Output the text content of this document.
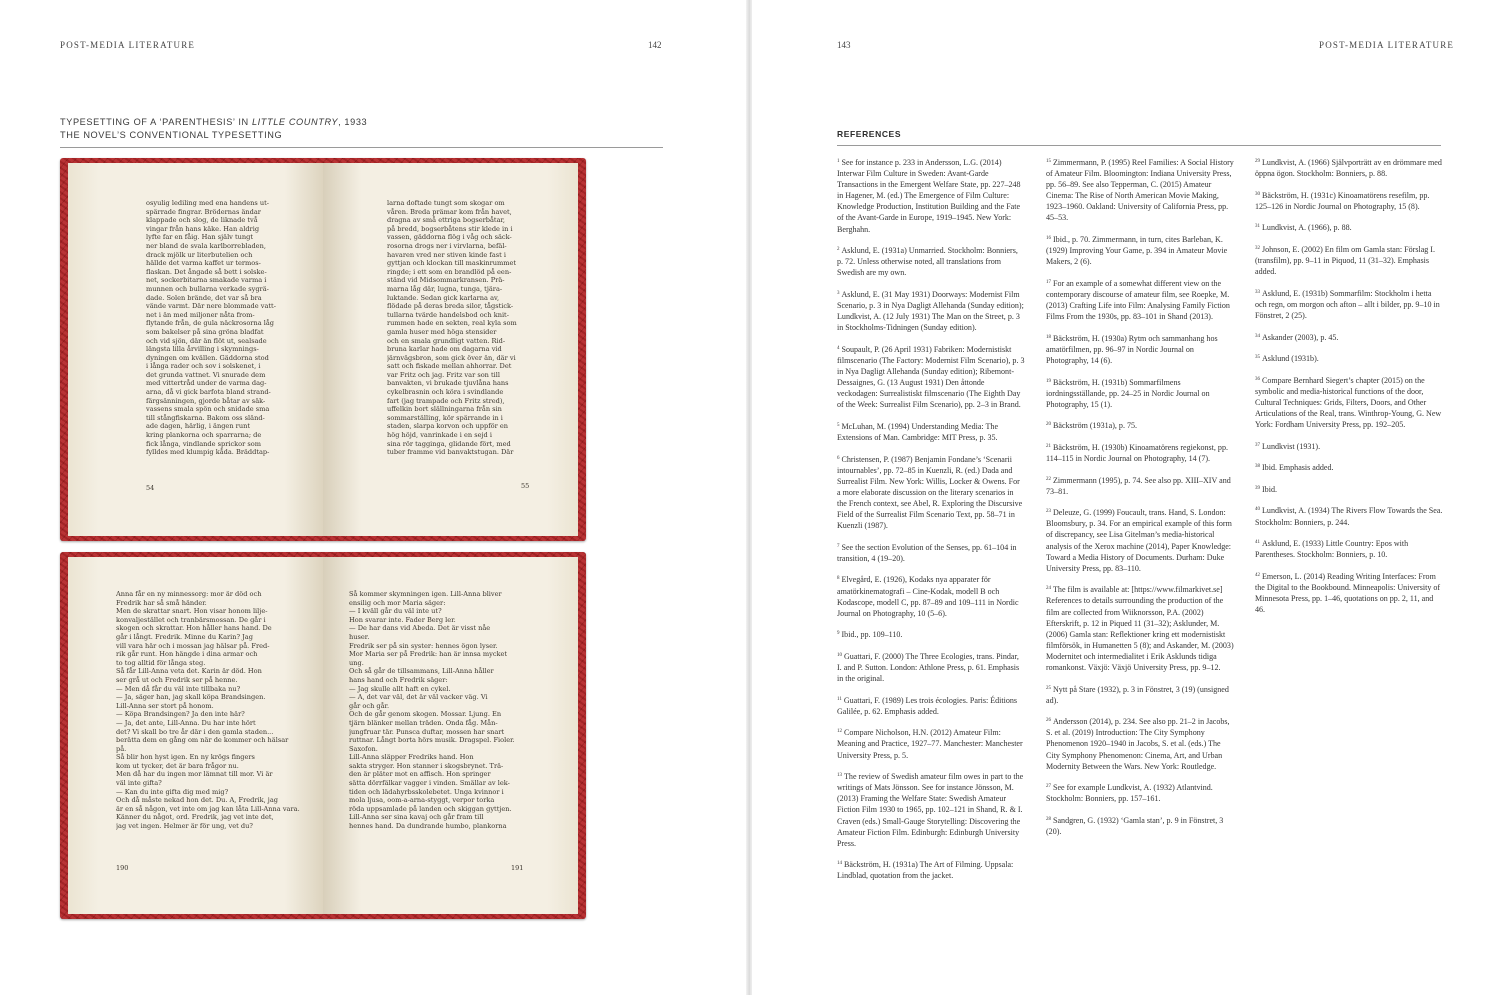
POST-MEDIA LITERATURE	142
TYPESETTING OF A ‘PARENTHESIS’ IN LITTLE COUNTRY, 1933
THE NOVEL’S CONVENTIONAL TYPESETTING
osyulig lediling med ena handens ut-
spärrade fingrar. Brödernas ändar
klappade och slog, de liknade två
vingar från hans käke. Han aldrig
lyfte far en fåig. Han själv tungt
ner bland de svala karlborrebladen,
drack mjölk ur literbutelien och
hällde det varma kaffet ur termos-
flaskan. Det ångade så bett i solske-
net, sockerbitarna smakade varma i
munnen och bullarna verkade sygrä-
dade. Solen brände, det var så bra
vände varmt. Där nere blommade vatt-
net i än med miljoner nåta from-
flytande från, de gula näckrosorna låg
som bakelser på sina gröna bladfat
och vid sjön, där än flöt ut, sealsade
längsta lilla årvilling i skymnings-
dyningen om kvällen. Gäddorna stod
i långa rader och sov i solskenet, i
det grunda vattnet. Vi snurade dem
med vittertråd under de varma dag-
arna, då vi gick barfota bland strand-
färgsänningen, gjorde båtar av säk-
vassens smala spön och snidade sma
till stångfiskarna. Bakom oss sländ-
ade dagen, härlig, i ängen runt
kring plankorna och sparrarna; de
fick långa, vindlande sprickor som
fylldes med klumpig kåda. Bräddtap-
54
larna doftade tungt som skogar om
våren. Breda prämar kom från havet,
dragna av små ettriga bogserbåtar,
på bredd, bogserbåtens stir klede in i
vassen, gäddorna flög i våg och säck-
rosorna drogs ner i virvlarna, befäl-
havaren vred ner stiven kinde fast i
gyttjan och klockan till maskinrummet
ringde; i ett som en brandlöd på een-
ständ vid Midsommarkransen. Prä-
marna låg där, lugna, tunga, tjära-
luktande. Sedan gick karlarna av,
flödade på deras breda silor, tågstick-
tullarna tvärde handelsbod och knit-
rummen hade en sekten, real kyla som
gamla huser med höga stensider
och en smala grundligt vatten. Rid-
bruna karlar hade om dagarna vid
järnvägsbron, som gick över än, där vi
satt och fiskade mellan ahhorrar. Det
var Fritz och jag. Fritz var son till
banvakten, vi brukade tjuvlåna hans
cykelbrasnin och köra i svindlande
fart (jag trampade och Fritz stred),
uffelkin bort slällningarna från sin
sommarställing, kör spärrande in i
staden, slarpa korvon och uppför en
hög höjd, vanrinkade i en sejd i
sina rör tagginga, glidande fört, med
tuber framme vid banvaktstugan. Där
55
Anna får en ny minnessorg: mor är död och
Fredrik har så små händer.
Men de skrattar snart. Hon visar honom lilje-
konvaljestället och tranbärsmossan. De går i
skogen och skrattar. Hon håller hans hand. De
går i långt. Fredrik. Minne du Karin? Jag
vill vara här och i mossan jag hälsar på. Fred-
rik går runt. Hon hängde i dina armar och
to tog alltid för långa steg.
Så får Lill-Anna veta det. Karin är död. Hon
ser grå ut och Fredrik ser på henne.
— Men då får du väl inte tillbaka nu?
— Ja, säger han, jag skall köpa Brandsingen.
Lill-Anna ser stort på honom.
— Köpa Brandsingen? Ja den inte här?
— Ja, det ante, Lill-Anna. Du har inte hört
det? Vi skall bo tre år där i den gamla staden...
berätta dem en gång om när de kommer och hälsar
på.
Så blir hon hyst igen. En ny krögs fingers
kom ut tycker, det är bara frågor nu.
Men då har du ingen mor lämnat till mor. Vi är
väl inte gifta?
— Kan du inte gifta dig med mig?
Och då måste nekad hon det. Du. A, Fredrik, jag
är en så någon, vet inte om jag kan låta Lill-Anna vara.
Känner du något, ord. Fredrik, jag vet inte det,
jag vet ingen. Helmer är för ung, vet du?
190
Så kommer skymningen igen. Lill-Anna bliver
ensilig och mor Maria säger:
— I kväll går du väl inte ut?
Hon svarar inte. Fader Berg ler.
— De har dans vid Abeda. Det är visst nåe
huser.
Fredrik ser på sin syster: hennes ögon lyser.
Mor Maria ser på Fredrik: han är innsa mycket
ung.
Och så går de tillsammans, Lill-Anna håller
hans hand och Fredrik säger:
— Jag skulle allt haft en cykel.
— A, det var väl, det är väl vacker väg. Vi
går och går.
Och de går genom skogen. Mossar. Ljung. En
tjärn blänker mellan träden. Onda fåg. Mån-
jungfruar tär. Punsca duftar, mossen har snart
ruttnar. Långt borta hörs musik. Dragspel. Fioler.
Saxofon.
Lill-Anna släpper Fredriks hand. Hon
sakta stryger. Hon stanner i skogsbrynet. Trä-
den är pläter mot en affisch. Hon springer
sätta dörrfälkar vagger i vinden. Smällar av lek-
tiden och lädahyrbsskolebetet. Unga kvinnor i
mola ljusa, oom-a-arna-styggt, verpor torka
röda uppsamlade på landen och skiggan gyttjen.
Lill-Anna ser sina kavaj och går fram till
hennes hand. Da dundrande humbo, plankorna
191
143	POST-MEDIA LITERATURE
REFERENCES
$^1$ See for instance p. 233 in Andersson, L.G. (2014) Interwar Film Culture in Sweden: Avant-Garde Transactions in the Emergent Welfare State, pp. 227–248 in Hagener, M. (ed.) The Emergence of Film Culture: Knowledge Production, Institution Building and the Fate of the Avant-Garde in Europe, 1919–1945. New York: Berghahn.
$^2$ Asklund, E. (1931a) Unmarried. Stockholm: Bonniers, p. 72. Unless otherwise noted, all translations from Swedish are my own.
$^3$ Asklund, E. (31 May 1931) Doorways: Modernist Film Scenario, p. 3 in Nya Dagligt Allehanda (Sunday edition); Lundkvist, A. (12 July 1931) The Man on the Street, p. 3 in Stockholms-Tidningen (Sunday edition).
$^4$ Soupault, P. (26 April 1931) Fabriken: Modernistiskt filmscenario (The Factory: Modernist Film Scenario), p. 3 in Nya Dagligt Allehanda (Sunday edition); Ribemont-Dessaignes, G. (13 August 1931) Den åttonde veckodagen: Surrealistiskt filmscenario (The Eighth Day of the Week: Surrealist Film Scenario), pp. 2–3 in Brand.
$^5$ McLuhan, M. (1994) Understanding Media: The Extensions of Man. Cambridge: MIT Press, p. 35.
$^6$ Christensen, P. (1987) Benjamin Fondane’s ‘Scenarii intournables’, pp. 72–85 in Kuenzli, R. (ed.) Dada and Surrealist Film. New York: Willis, Locker & Owens. For a more elaborate discussion on the literary scenarios in the French context, see Abel, R. Exploring the Discursive Field of the Surrealist Film Scenario Text, pp. 58–71 in Kuenzli (1987).
$^7$ See the section Evolution of the Senses, pp. 61–104 in transition, 4 (19–20).
$^8$ Elvegård, E. (1926), Kodaks nya apparater för amatörkinematografi – Cine-Kodak, modell B och Kodascope, modell C, pp. 87–89 and 109–111 in Nordic Journal on Photography, 10 (5–6).
$^9$ Ibid., pp. 109–110.
$^{10}$ Guattari, F. (2000) The Three Ecologies, trans. Pindar, I. and P. Sutton. London: Athlone Press, p. 61. Emphasis in the original.
$^{11}$ Guattari, F. (1989) Les trois écologies. Paris: Éditions Galilée, p. 62. Emphasis added.
$^{12}$ Compare Nicholson, H.N. (2012) Amateur Film: Meaning and Practice, 1927–77. Manchester: Manchester University Press, p. 5.
$^{13}$ The review of Swedish amateur film owes in part to the writings of Mats Jönsson. See for instance Jönsson, M. (2013) Framing the Welfare State: Swedish Amateur Fiction Film 1930 to 1965, pp. 102–121 in Shand, R. & I. Craven (eds.) Small-Gauge Storytelling: Discovering the Amateur Fiction Film. Edinburgh: Edinburgh University Press.
$^{14}$ Bäckström, H. (1931a) The Art of Filming. Uppsala: Lindblad, quotation from the jacket.
$^{15}$ Zimmermann, P. (1995) Reel Families: A Social History of Amateur Film. Bloomington: Indiana University Press, pp. 56–89. See also Tepperman, C. (2015) Amateur Cinema: The Rise of North American Movie Making, 1923–1960. Oakland: University of California Press, pp. 45–53.
$^{16}$ Ibid., p. 70. Zimmermann, in turn, cites Barleban, K. (1929) Improving Your Game, p. 394 in Amateur Movie Makers, 2 (6).
$^{17}$ For an example of a somewhat different view on the contemporary discourse of amateur film, see Roepke, M. (2013) Crafting Life into Film: Analysing Family Fiction Films From the 1930s, pp. 83–101 in Shand (2013).
$^{18}$ Bäckström, H. (1930a) Rytm och sammanhang hos amatörfilmen, pp. 96–97 in Nordic Journal on Photography, 14 (6).
$^{19}$ Bäckström, H. (1931b) Sommarfilmens iordningsställande, pp. 24–25 in Nordic Journal on Photography, 15 (1).
$^{20}$ Bäckström (1931a), p. 75.
$^{21}$ Bäckström, H. (1930b) Kinoamatörens regiekonst, pp. 114–115 in Nordic Journal on Photography, 14 (7).
$^{22}$ Zimmermann (1995), p. 74. See also pp. XIII–XIV and 73–81.
$^{23}$ Deleuze, G. (1999) Foucault, trans. Hand, S. London: Bloomsbury, p. 34. For an empirical example of this form of discrepancy, see Lisa Gitelman’s media-historical analysis of the Xerox machine (2014), Paper Knowledge: Toward a Media History of Documents. Durham: Duke University Press, pp. 83–110.
$^{24}$ The film is available at: [https://www.filmarkivet.se] References to details surrounding the production of the film are collected from Wiiknorsson, P.A. (2002) Efterskrift, p. 12 in Piqued 11 (31–32); Asklunder, M. (2006) Gamla stan: Reflektioner kring ett modernistiskt filmförsök, in Humanetten 5 (8); and Askander, M. (2003) Modernitet och intermedialitet i Erik Asklunds tidiga romankonst. Växjö: Växjö University Press, pp. 9–12.
$^{25}$ Nytt på Stare (1932), p. 3 in Fönstret, 3 (19) (unsigned ad).
$^{26}$ Andersson (2014), p. 234. See also pp. 21–2 in Jacobs, S. et al. (2019) Introduction: The City Symphony Phenomenon 1920–1940 in Jacobs, S. et al. (eds.) The City Symphony Phenomenon: Cinema, Art, and Urban Modernity Between the Wars. New York: Routledge.
$^{27}$ See for example Lundkvist, A. (1932) Atlantvind. Stockholm: Bonniers, pp. 157–161.
$^{28}$ Sandgren, G. (1932) ‘Gamla stan’, p. 9 in Fönstret, 3 (20).
$^{29}$ Lundkvist, A. (1966) Självporträtt av en drömmare med öppna ögon. Stockholm: Bonniers, p. 88.
$^{30}$ Bäckström, H. (1931c) Kinoamatörens resefilm, pp. 125–126 in Nordic Journal on Photography, 15 (8).
$^{31}$ Lundkvist, A. (1966), p. 88.
$^{32}$ Johnson, E. (2002) En film om Gamla stan: Förslag I. (transfilm), pp. 9–11 in Piquod, 11 (31–32). Emphasis added.
$^{33}$ Asklund, E. (1931b) Sommarfilm: Stockholm i hetta och regn, om morgon och afton – allt i bilder, pp. 9–10 in Fönstret, 2 (25).
$^{34}$ Askander (2003), p. 45.
$^{35}$ Asklund (1931b).
$^{36}$ Compare Bernhard Siegert’s chapter (2015) on the symbolic and media-historical functions of the door, Cultural Techniques: Grids, Filters, Doors, and Other Articulations of the Real, trans. Winthrop-Young, G. New York: Fordham University Press, pp. 192–205.
$^{37}$ Lundkvist (1931).
$^{38}$ Ibid. Emphasis added.
$^{39}$ Ibid.
$^{40}$ Lundkvist, A. (1934) The Rivers Flow Towards the Sea. Stockholm: Bonniers, p. 244.
$^{41}$ Asklund, E. (1933) Little Country: Epos with Parentheses. Stockholm: Bonniers, p. 10.
$^{42}$ Emerson, L. (2014) Reading Writing Interfaces: From the Digital to the Bookbound. Minneapolis: University of Minnesota Press, pp. 1–46, quotations on pp. 2, 11, and 46.
